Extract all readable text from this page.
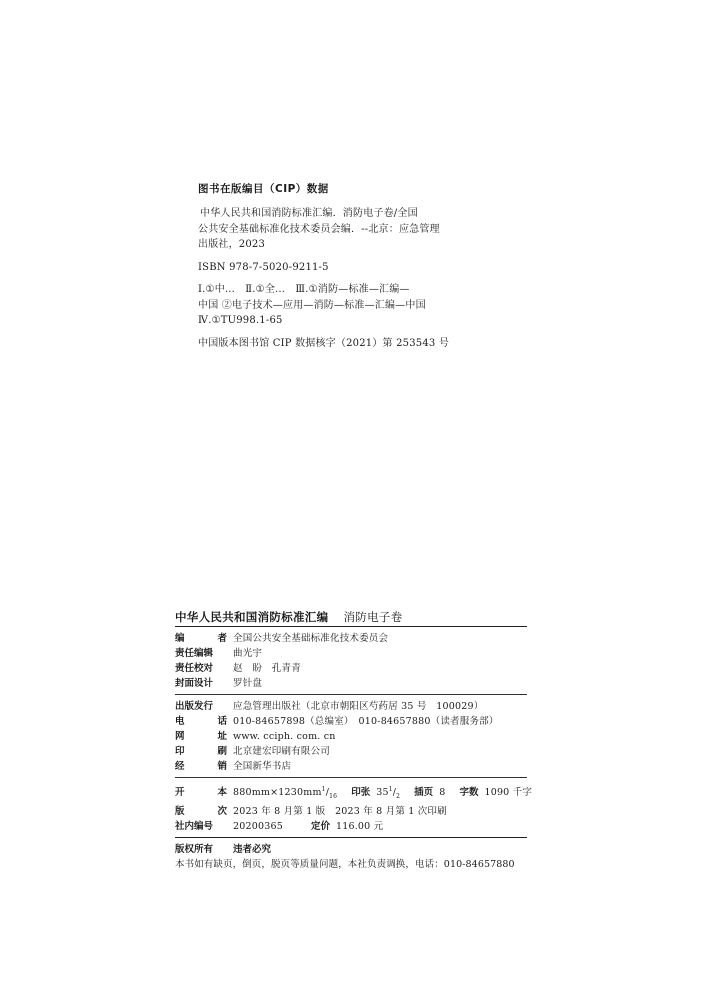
图书在版编目（CIP）数据
中华人民共和国消防标准汇编．消防电子卷/全国
公共安全基础标准化技术委员会编．--北京：应急管理
出版社，2023
ISBN 978-7-5020-9211-5
Ⅰ.①中…　Ⅱ.①全…　Ⅲ.①消防—标准—汇编—
中国 ②电子技术—应用—消防—标准—汇编—中国
Ⅳ.①TU998.1-65
中国版本图书馆 CIP 数据核字（2021）第 253543 号
中华人民共和国消防标准汇编 消防电子卷
编	者 全国公共安全基础标准化技术委员会
责任编辑 曲光宇
责任校对 赵　盼　孔青青
封面设计 罗针盘
出版发行 应急管理出版社（北京市朝阳区芍药居 35 号　100029）
电	话 010-84657898（总编室）　010-84657880（读者服务部）
网	址 www. cciph. com. cn
印	刷 北京建宏印刷有限公司
经	销 全国新华书店
开	本 $880mm\times 1230mm^1/_{16}$ 印张 $35^1/_2$ 插页 8 字数 1090 千字
版	次 2023 年 8 月第 1 版　2023 年 8 月第 1 次印刷
社内编号 20200365	定价 116.00 元
版权所有	违者必究
本书如有缺页，倒页，脱页等质量问题，本社负责调换，电话：010-84657880
